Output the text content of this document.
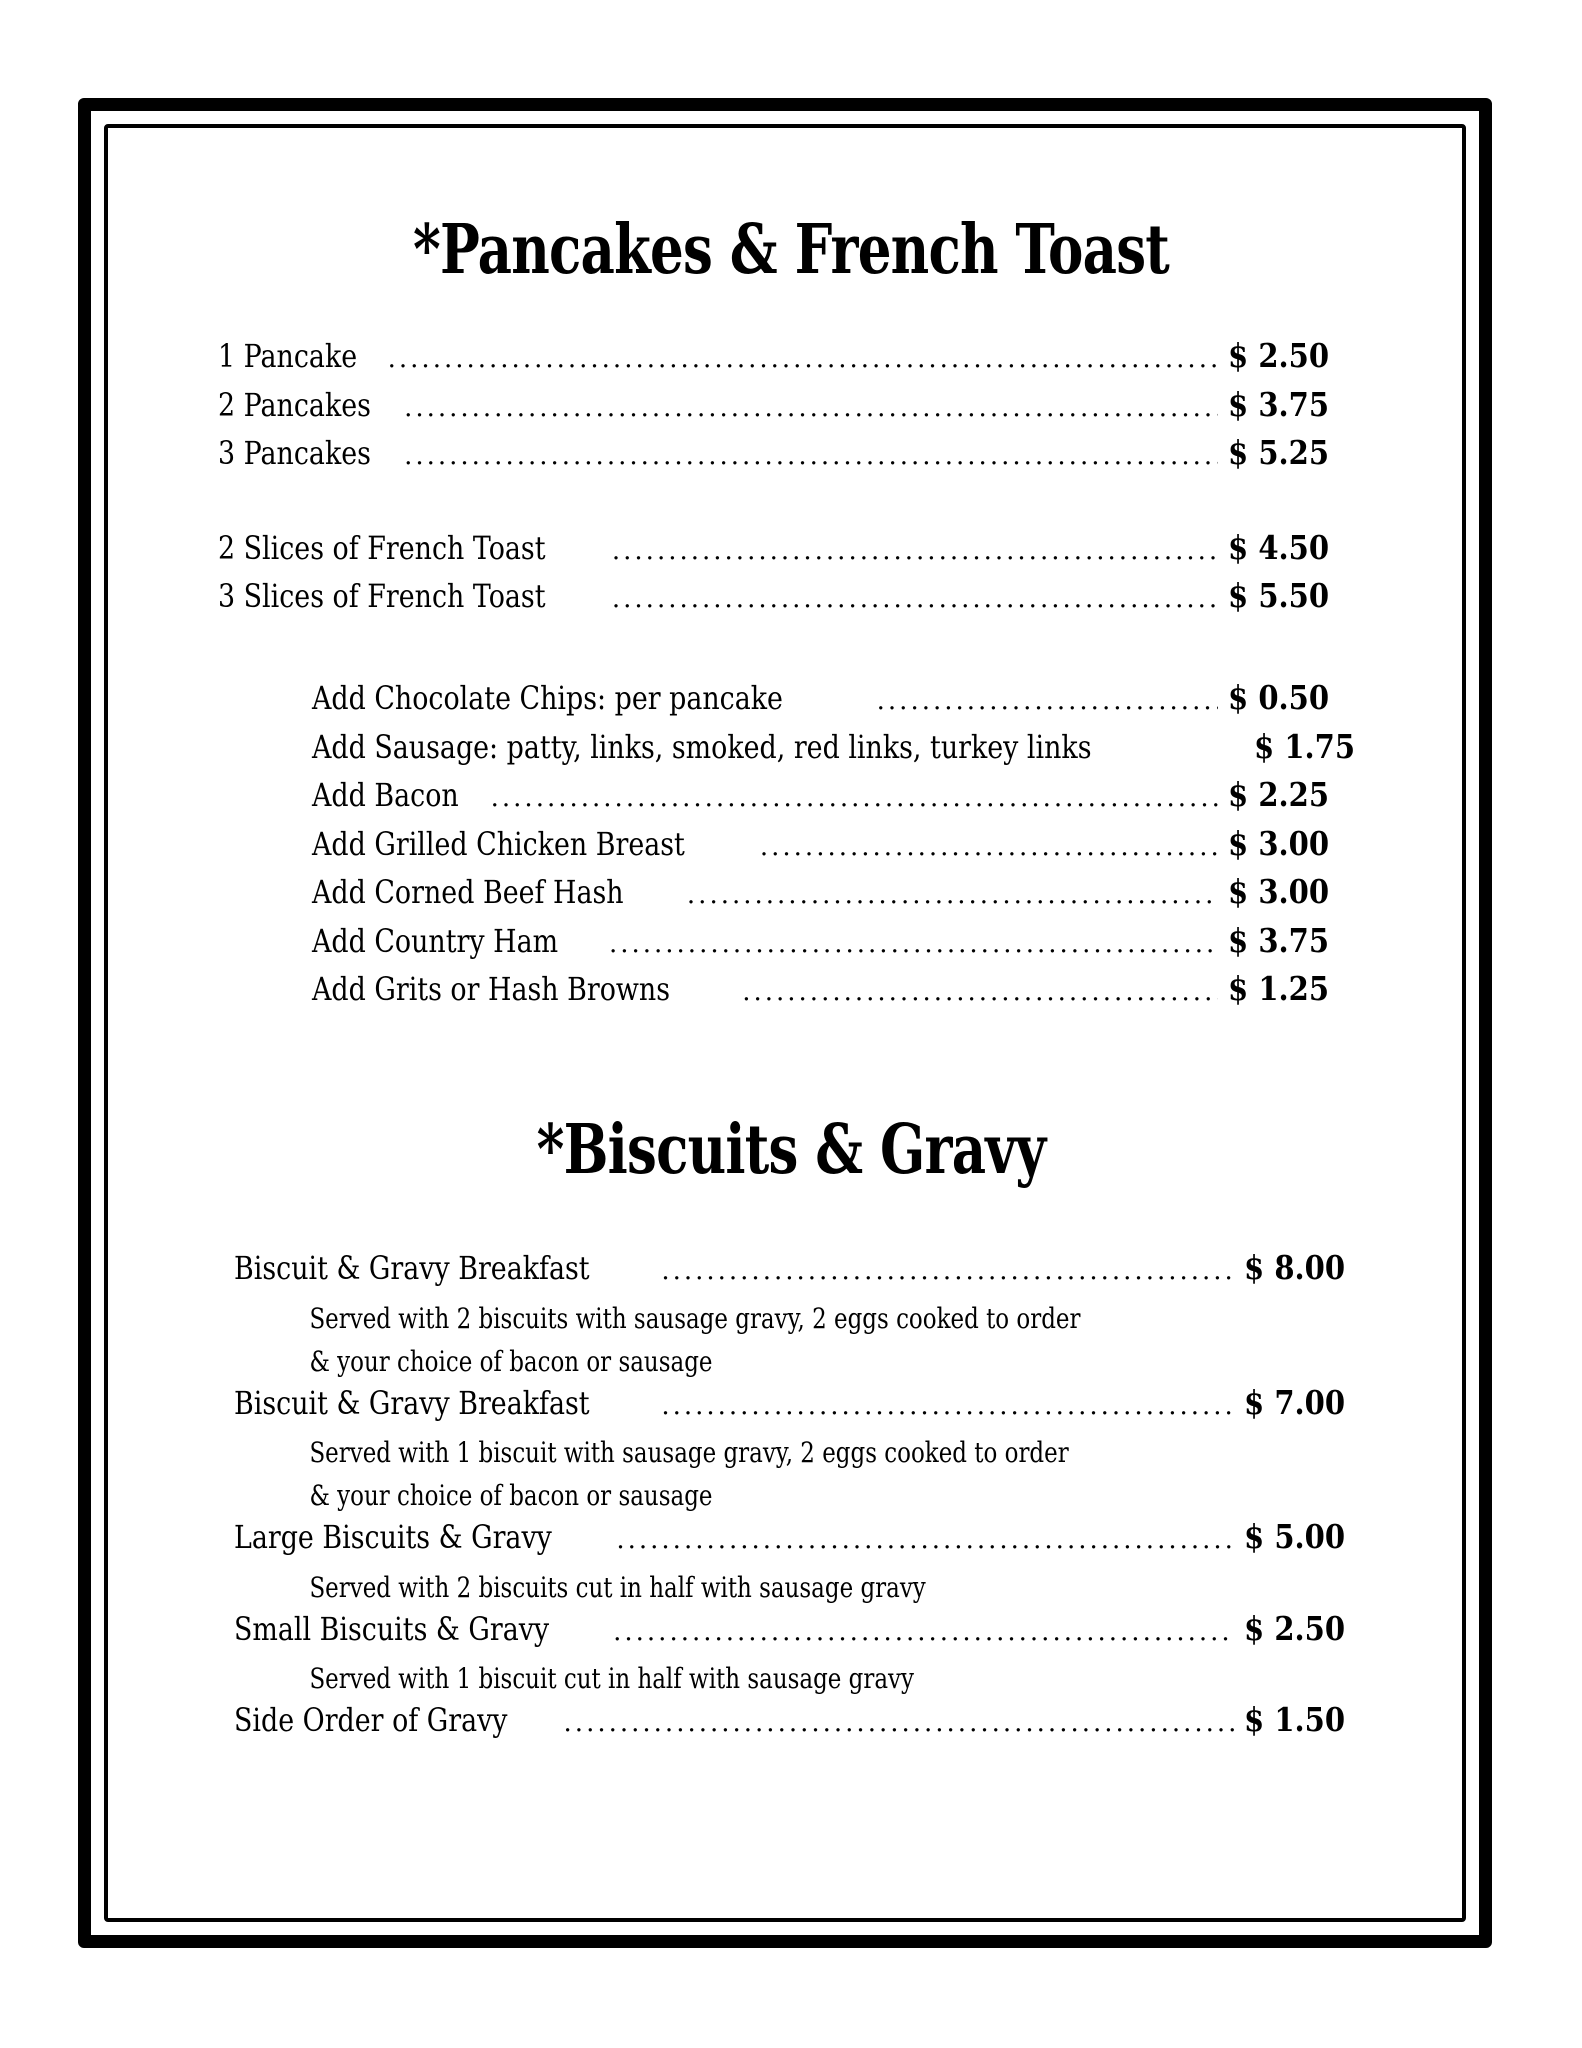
*Pancakes & French Toast
1 Pancake .....	$ 2.50
2 Pancakes .....	$ 3.75
3 Pancakes .....	$ 5.25
2 Slices of French Toast .....	$ 4.50
3 Slices of French Toast .....	$ 5.50
Add Chocolate Chips: per pancake .....	$ 0.50
Add Sausage: patty, links, smoked, red links, turkey links	$ 1.75
Add Bacon .....	$ 2.25
Add Grilled Chicken Breast .....	$ 3.00
Add Corned Beef Hash .....	$ 3.00
Add Country Ham .....	$ 3.75
Add Grits or Hash Browns .....	$ 1.25
*Biscuits & Gravy
Biscuit & Gravy Breakfast .....	$ 8.00
Served with 2 biscuits with sausage gravy, 2 eggs cooked to order
& your choice of bacon or sausage
Biscuit & Gravy Breakfast .....	$ 7.00
Served with 1 biscuit with sausage gravy, 2 eggs cooked to order
& your choice of bacon or sausage
Large Biscuits & Gravy .....	$ 5.00
Served with 2 biscuits cut in half with sausage gravy
Small Biscuits & Gravy .....	$ 2.50
Served with 1 biscuit cut in half with sausage gravy
Side Order of Gravy .....	$ 1.50
